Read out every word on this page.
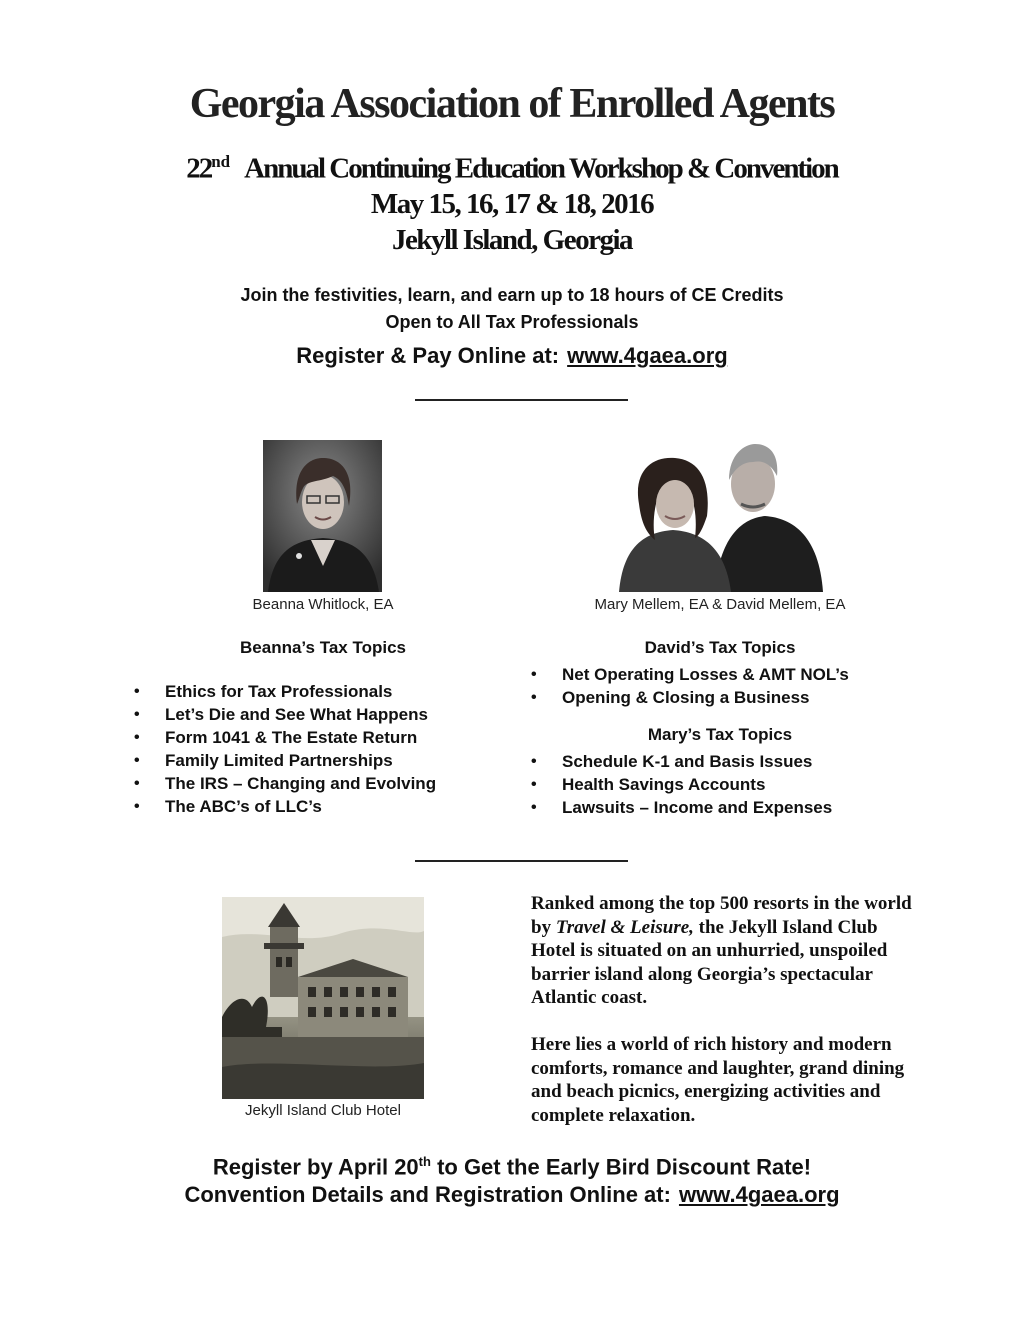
Georgia Association of Enrolled Agents
22nd Annual Continuing Education Workshop & Convention
May 15, 16, 17 & 18, 2016
Jekyll Island, Georgia
Join the festivities, learn, and earn up to 18 hours of CE Credits
Open to All Tax Professionals
Register & Pay Online at: www.4gaea.org
Beanna Whitlock, EA	Mary Mellem, EA & David Mellem, EA
Beanna’s Tax Topics
• Ethics for Tax Professionals
• Let’s Die and See What Happens
• Form 1041 & The Estate Return
• Family Limited Partnerships
• The IRS – Changing and Evolving
• The ABC’s of LLC’s
David’s Tax Topics
• Net Operating Losses & AMT NOL’s
• Opening & Closing a Business
Mary’s Tax Topics
• Schedule K-1 and Basis Issues
• Health Savings Accounts
• Lawsuits – Income and Expenses
Jekyll Island Club Hotel
Ranked among the top 500 resorts in the world by Travel & Leisure, the Jekyll Island Club Hotel is situated on an unhurried, unspoiled barrier island along Georgia’s spectacular Atlantic coast.
Here lies a world of rich history and modern comforts, romance and laughter, grand dining and beach picnics, energizing activities and complete relaxation.
Register by April 20th to Get the Early Bird Discount Rate!
Convention Details and Registration Online at: www.4gaea.org
